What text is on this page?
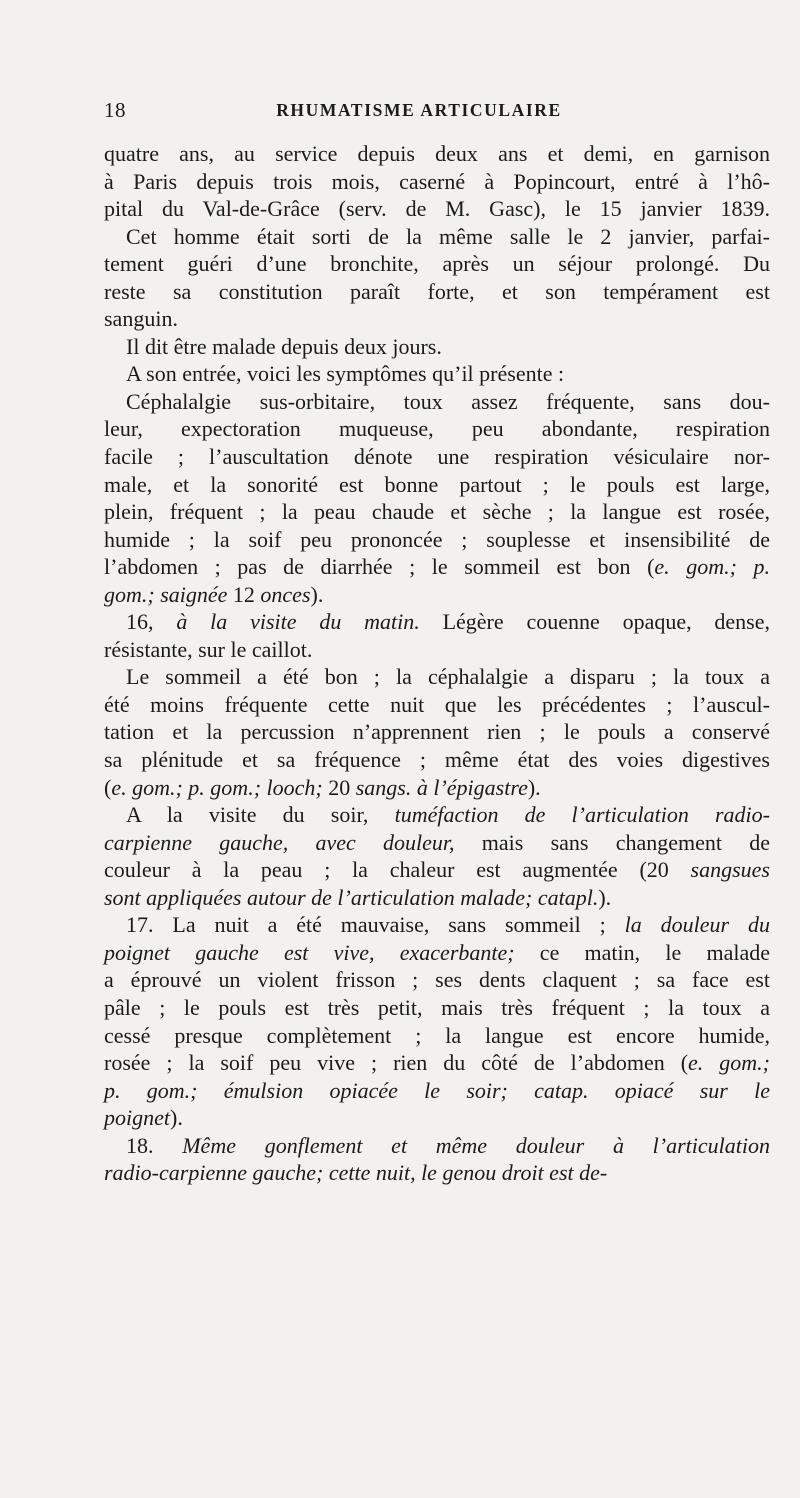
18	RHUMATISME ARTICULAIRE
quatre ans, au service depuis deux ans et demi, en garnison
à Paris depuis trois mois, caserné à Popincourt, entré à l’hô-
pital du Val-de-Grâce (serv. de M. Gasc), le 15 janvier 1839.
Cet homme était sorti de la même salle le 2 janvier, parfai-
tement guéri d’une bronchite, après un séjour prolongé. Du
reste sa constitution paraît forte, et son tempérament est
sanguin.
Il dit être malade depuis deux jours.
A son entrée, voici les symptômes qu’il présente :
Céphalalgie sus-orbitaire, toux assez fréquente, sans dou-
leur, expectoration muqueuse, peu abondante, respiration
facile ; l’auscultation dénote une respiration vésiculaire nor-
male, et la sonorité est bonne partout ; le pouls est large,
plein, fréquent ; la peau chaude et sèche ; la langue est rosée,
humide ; la soif peu prononcée ; souplesse et insensibilité de
l’abdomen ; pas de diarrhée ; le sommeil est bon (e. gom.; p.
gom.; saignée 12 onces).
16, à la visite du matin. Légère couenne opaque, dense,
résistante, sur le caillot.
Le sommeil a été bon ; la céphalalgie a disparu ; la toux a
été moins fréquente cette nuit que les précédentes ; l’auscul-
tation et la percussion n’apprennent rien ; le pouls a conservé
sa plénitude et sa fréquence ; même état des voies digestives
(e. gom.; p. gom.; looch; 20 sangs. à l’épigastre).
A la visite du soir, tuméfaction de l’articulation radio-
carpienne gauche, avec douleur, mais sans changement de
couleur à la peau ; la chaleur est augmentée (20 sangsues
sont appliquées autour de l’articulation malade; catapl.).
17. La nuit a été mauvaise, sans sommeil ; la douleur du
poignet gauche est vive, exacerbante; ce matin, le malade
a éprouvé un violent frisson ; ses dents claquent ; sa face est
pâle ; le pouls est très petit, mais très fréquent ; la toux a
cessé presque complètement ; la langue est encore humide,
rosée ; la soif peu vive ; rien du côté de l’abdomen (e. gom.;
p. gom.; émulsion opiacée le soir; catap. opiacé sur le
poignet).
18. Même gonflement et même douleur à l’articulation
radio-carpienne gauche; cette nuit, le genou droit est de-
